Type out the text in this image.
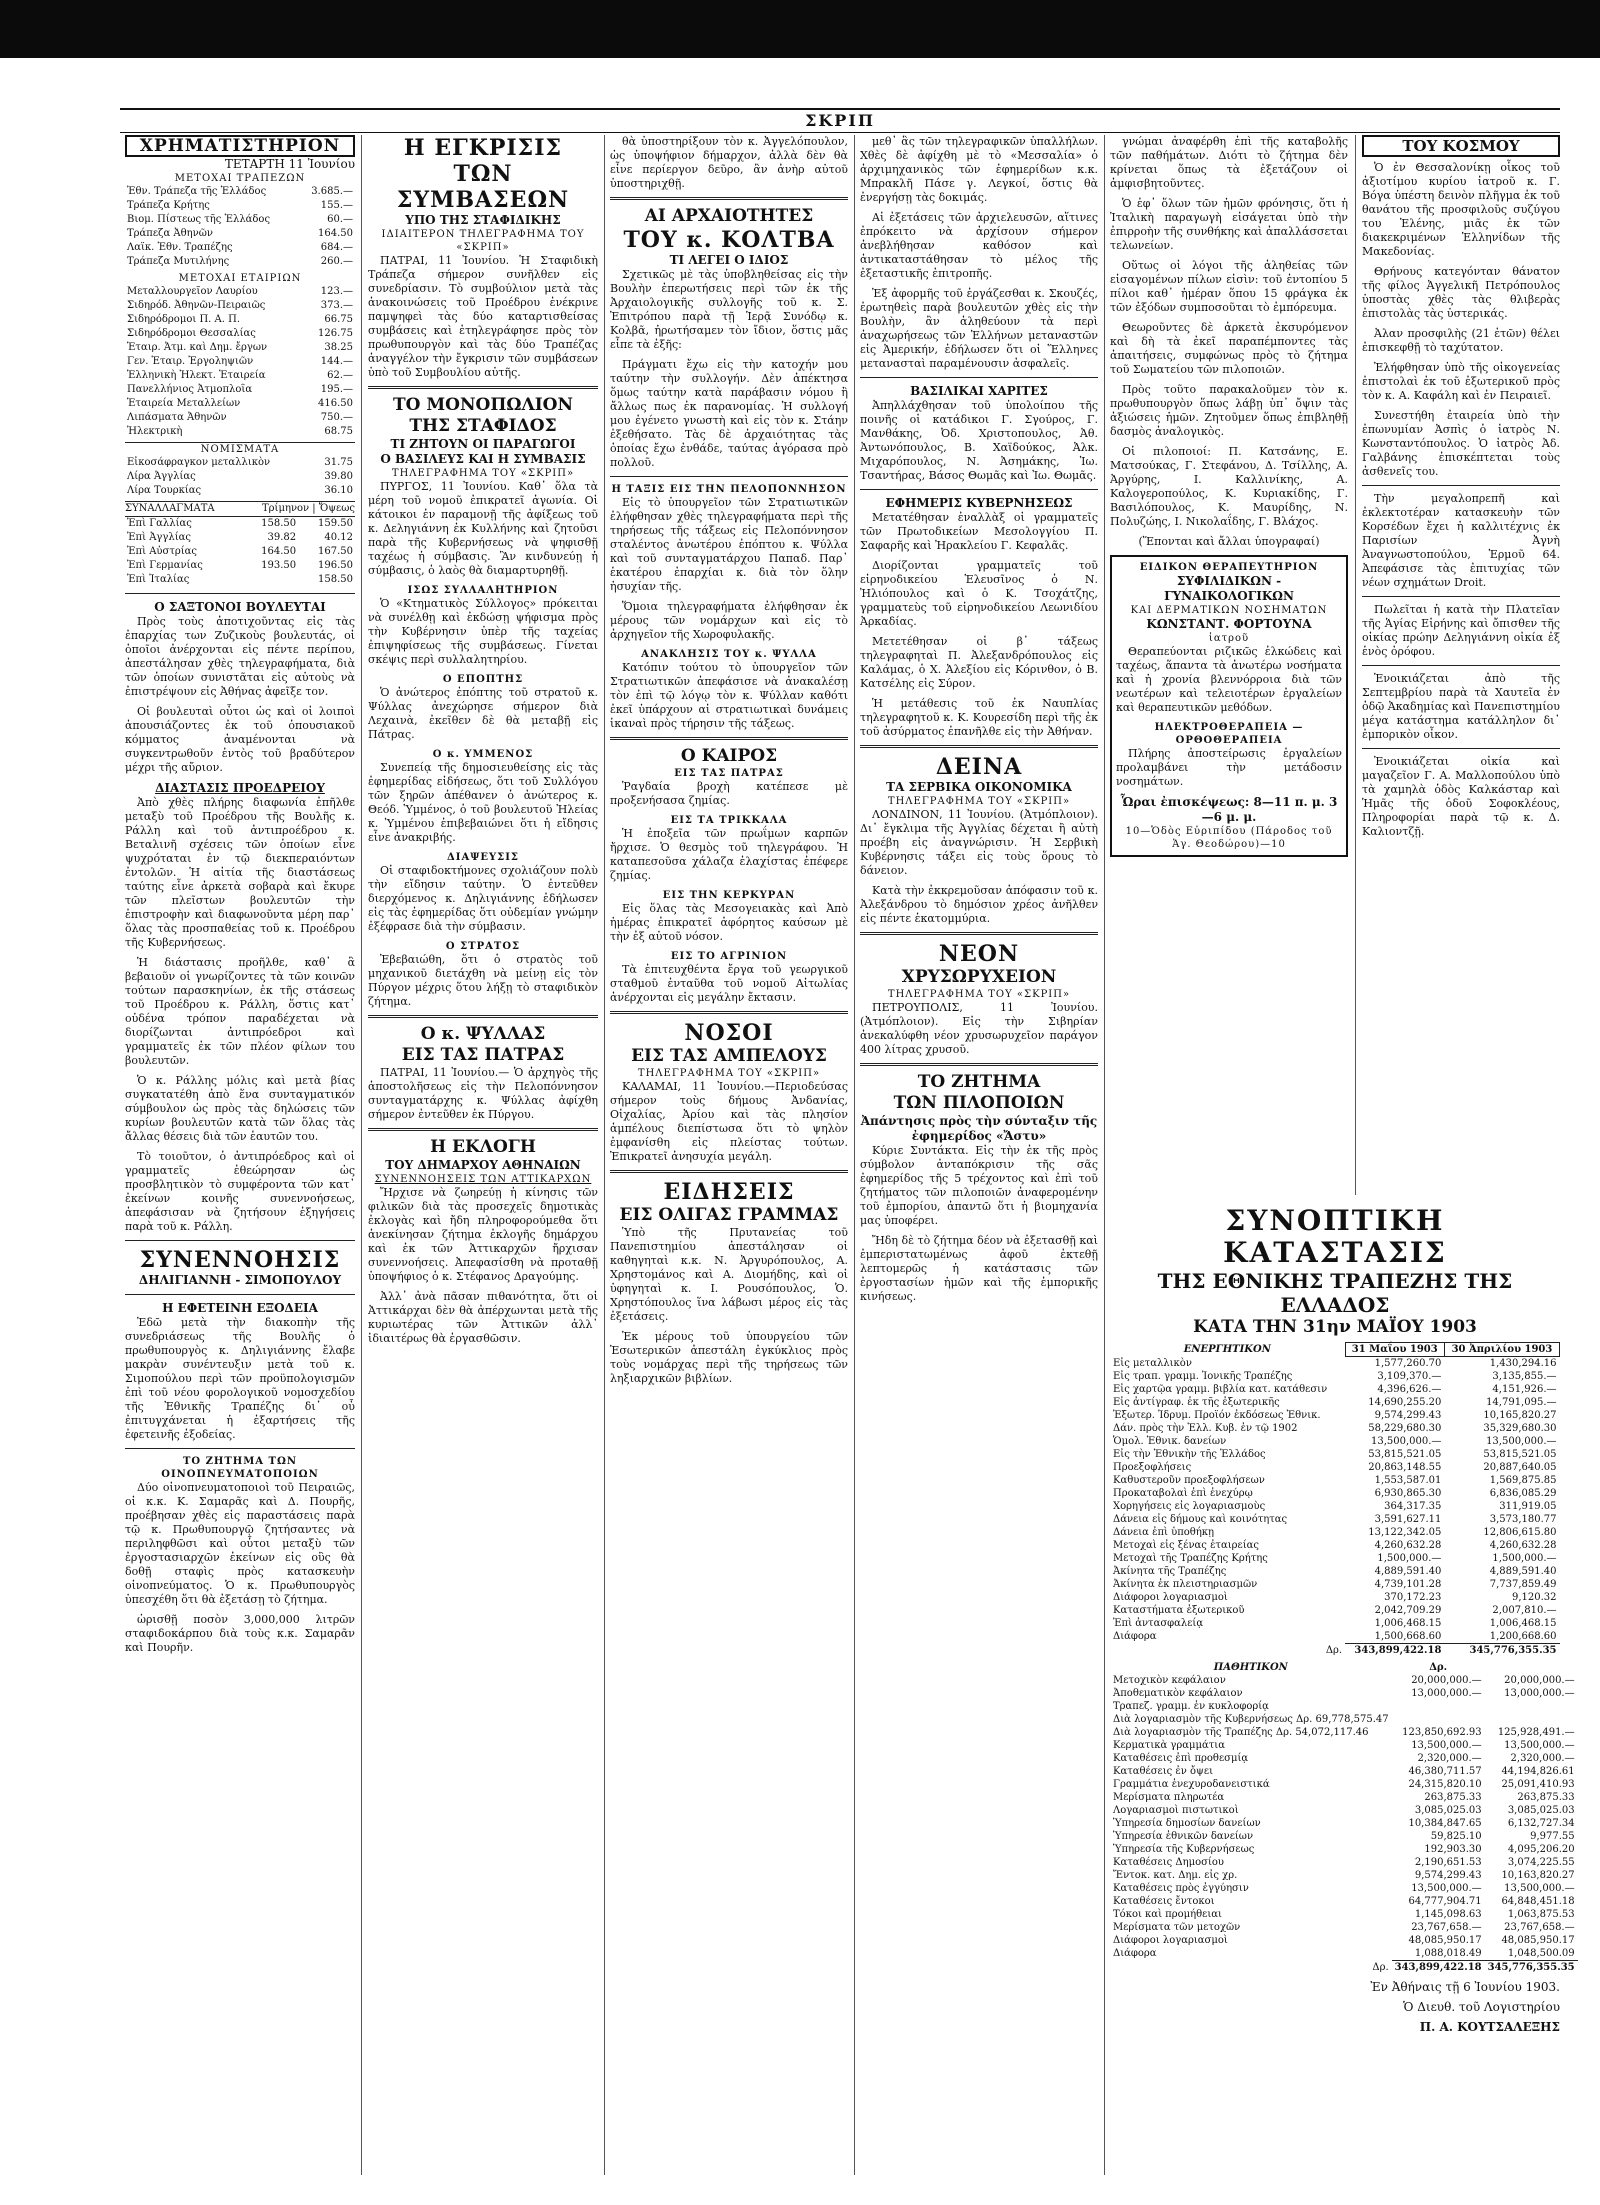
ΣΚΡΙΠ
ΧΡΗΜΑΤΙΣΤΗΡΙΟΝ
ΤΕΤΑΡΤΗ 11 Ἰουνίου
ΜΕΤΟΧΑΙ ΤΡΑΠΕΖΩΝ
Ἐθν. Τράπεζα τῆς Ἑλλάδος	3.685.—
Τράπεζα Κρήτης	155.—
Βιομ. Πίστεως τῆς Ἑλλάδος	60.—
Τράπεζα Ἀθηνῶν	164.50
Λαϊκ. Ἐθν. Τραπέζης	684.—
Τράπεζα Μυτιλήνης	260.—
ΜΕΤΟΧΑΙ ΕΤΑΙΡΙΩΝ
Μεταλλουργεῖον Λαυρίου	123.—
Σιδηρόδ. Ἀθηνῶν-Πειραιῶς	373.—
Σιδηρόδρομοι Π. Α. Π.	66.75
Σιδηρόδρομοι Θεσσαλίας	126.75
Ἑταιρ. Ἀτμ. καὶ Δημ. ἔργων	38.25
Γεν. Ἑταιρ. Ἐργοληψιῶν	144.—
Ἑλληνικὴ Ἠλεκτ. Ἑταιρεία	62.—
Πανελλήνιος Ἀτμοπλοΐα	195.—
Ἑταιρεία Μεταλλείων	416.50
Λιπάσματα Ἀθηνῶν	750.—
Ἠλεκτρικὴ	68.75
ΝΟΜΙΣΜΑΤΑ
Εἰκοσάφραγκον μεταλλικὸν	31.75
Λίρα Ἀγγλίας	39.80
Λίρα Τουρκίας	36.10
ΣΥΝΑΛΛΑΓΜΑΤΑ	Τρίμηνον | Ὄψεως
Ἐπὶ Γαλλίας	158.50	159.50
Ἐπὶ Ἀγγλίας	39.82	40.12
Ἐπὶ Αὐστρίας	164.50	167.50
Ἐπὶ Γερμανίας	193.50	196.50
Ἐπὶ Ἰταλίας		158.50
Ο ΣΑΞΤΟΝΟΙ ΒΟΥΛΕΥΤΑΙ

Πρὸς τοὺς ἀποτιχοῦντας εἰς τὰς ἐπαρχίας των Ζυζικοὺς βουλευτάς, οἱ ὁποῖοι ἀνέρχονται εἰς πέντε περίπου, ἀπεστάλησαν χθὲς τηλεγραφήματα, διὰ τῶν ὁποίων συνιστᾶται εἰς αὐτοὺς νὰ ἐπιστρέψουν εἰς Ἀθήνας ἀφεῖξε τον.

Οἱ βουλευταὶ οὗτοι ὡς καὶ οἱ λοιποὶ ἀπουσιάζοντες ἐκ τοῦ ὀπουσιακοῦ κόμματος ἀναμένονται νὰ συγκεντρωθοῦν ἐντὸς τοῦ βραδύτερον μέχρι τῆς αὔριον.

ΔΙΑΣΤΑΣΙΣ ΠΡΟΕΔΡΕΙΟΥ

Ἀπὸ χθὲς πλήρης διαφωνία ἐπῆλθε μεταξὺ τοῦ Προέδρου τῆς Βουλῆς κ. Ράλλη καὶ τοῦ ἀντιπροέδρου κ. Βεταλινῆ σχέσεις τῶν ὁποίων εἶνε ψυχρόταται ἐν τῷ διεκπεραιόντων ἐντολῶν. Ἡ αἰτία τῆς διαστάσεως ταύτης εἶνε ἀρκετὰ σοβαρὰ καὶ ἔκυρε τῶν πλεῖστων βουλευτῶν τὴν ἐπιστροφὴν καὶ διαφωνοῦντα μέρη παρ᾽ ὅλας τὰς προσπαθείας τοῦ κ. Προέδρου τῆς Κυβερνήσεως.

Ἡ διάστασις προῆλθε, καθ᾽ ἃ βεβαιοῦν οἱ γνωρίζοντες τὰ τῶν κοινῶν τούτων παρασκηνίων, ἐκ τῆς στάσεως τοῦ Προέδρου κ. Ράλλη, ὅστις κατ᾽ οὐδένα τρόπον παραδέχεται νὰ διορίζωνται ἀντιπρόεδροι καὶ γραμματεῖς ἐκ τῶν πλέον φίλων του βουλευτῶν.

Ὁ κ. Ράλλης μόλις καὶ μετὰ βίας συγκατατέθη ἀπὸ ἕνα συνταγματικόν σύμβουλον ὡς πρὸς τὰς δηλώσεις τῶν κυρίων βουλευτῶν κατὰ τῶν ὅλας τὰς ἄλλας θέσεις διὰ τῶν ἑαυτῶν του.

Τὸ τοιοῦτον, ὁ ἀντιπρόεδρος καὶ οἱ γραμματεῖς ἐθεώρησαν ὡς προσβλητικὸν τὸ συμφέροντα τῶν κατ᾽ ἐκείνων κοινῆς συνεννοήσεως, ἀπεφάσισαν νὰ ζητήσουν ἐξηγήσεις παρὰ τοῦ κ. Ράλλη.

ΣΥΝΕΝΝΟΗΣΙΣ
ΔΗΛΙΓΙΑΝΝΗ - ΣΙΜΟΠΟΥΛΟΥ
Η ΕΦΕΤΕΙΝΗ ΕΞΟΔΕΙΑ

Ἐδῶ μετὰ τὴν διακοπὴν τῆς συνεδριάσεως τῆς Βουλῆς ὁ πρωθυπουργὸς κ. Δηλιγιάννης ἔλαβε μακρὰν συνέντευξιν μετὰ τοῦ κ. Σιμοπούλου περὶ τῶν προϋπολογισμῶν ἐπὶ τοῦ νέου φορολογικοῦ νομοσχεδίου τῆς Ἐθνικῆς Τραπέζης δι᾽ οὗ ἐπιτυγχάνεται ἡ ἐξαρτήσεις τῆς ἐφετεινῆς ἐξοδείας.

ΤΟ ΖΗΤΗΜΑ ΤΩΝ ΟΙΝΟΠΝΕΥΜΑΤΟΠΟΙΩΝ

Δύο οἰνοπνευματοποιοὶ τοῦ Πειραιῶς, οἱ κ.κ. Κ. Σαμαρᾶς καὶ Δ. Πουρῆς, προέβησαν χθὲς εἰς παραστάσεις παρὰ τῷ κ. Πρωθυπουργῷ ζητήσαντες νὰ περιληφθῶσι καὶ οὗτοι μεταξὺ τῶν ἐργοστασιαρχῶν ἐκείνων εἰς οὓς θὰ δοθῇ σταφὶς πρὸς κατασκευὴν οἰνοπνεύματος. Ὁ κ. Πρωθυπουργὸς ὑπεσχέθη ὅτι θὰ ἐξετάσῃ τὸ ζήτημα.

ὡρισθῇ ποσὸν 3,000,000 λιτρῶν σταφιδοκάρπου διὰ τοὺς κ.κ. Σαμαρᾶν καὶ Πουρῆν.

Η ΕΓΚΡΙΣΙΣ
ΤΩΝ ΣΥΜΒΑΣΕΩΝ
ΥΠΟ ΤΗΣ ΣΤΑΦΙΔΙΚΗΣ
ΙΔΙΑΙΤΕΡΟΝ ΤΗΛΕΓΡΑΦΗΜΑ ΤΟΥ «ΣΚΡΙΠ»

ΠΑΤΡΑΙ, 11 Ἰουνίου. Ἡ Σταφιδικὴ Τράπεζα σήμερον συνῆλθεν εἰς συνεδρίασιν. Τὸ συμβούλιον μετὰ τὰς ἀνακοινώσεις τοῦ Προέδρου ἐνέκρινε παμψηφεὶ τὰς δύο καταρτισθείσας συμβάσεις καὶ ἐτηλεγράφησε πρὸς τὸν πρωθυπουργὸν καὶ τὰς δύο Τραπέζας ἀναγγέλον τὴν ἔγκρισιν τῶν συμβάσεων ὑπὸ τοῦ Συμβουλίου αὐτῆς.

ΤΟ ΜΟΝΟΠΩΛΙΟΝ
ΤΗΣ ΣΤΑΦΙΔΟΣ
ΤΙ ΖΗΤΟΥΝ ΟΙ ΠΑΡΑΓΩΓΟΙ
Ο ΒΑΣΙΛΕΥΣ ΚΑΙ Η ΣΥΜΒΑΣΙΣ
ΤΗΛΕΓΡΑΦΗΜΑ ΤΟΥ «ΣΚΡΙΠ»

ΠΥΡΓΟΣ, 11 Ἰουνίου. Καθ᾽ ὅλα τὰ μέρη τοῦ νομοῦ ἐπικρατεῖ ἀγωνία. Οἱ κάτοικοι ἐν παραμονῇ τῆς ἀφίξεως τοῦ κ. Δεληγιάννη ἐκ Κυλλήνης καὶ ζητοῦσι παρὰ τῆς Κυβερνήσεως νὰ ψηφισθῇ ταχέως ἡ σύμβασις. Ἂν κινδυνεύῃ ἡ σύμβασις, ὁ λαὸς θὰ διαμαρτυρηθῇ.

ΙΣΩΣ ΣΥΛΛΑΛΗΤΗΡΙΟΝ

Ὁ «Κτηματικὸς Σύλλογος» πρόκειται νὰ συνέλθῃ καὶ ἐκδώσῃ ψήφισμα πρὸς τὴν Κυβέρνησιν ὑπὲρ τῆς ταχείας ἐπιψηφίσεως τῆς συμβάσεως. Γίνεται σκέψις περὶ συλλαλητηρίου.

Ο ΕΠΟΠΤΗΣ

Ὁ ἀνώτερος ἐπόπτης τοῦ στρατοῦ κ. Ψύλλας ἀνεχώρησε σήμερον διὰ Λεχαινὰ, ἐκεῖθεν δὲ θὰ μεταβῇ εἰς Πάτρας.

Ο κ. ΥΜΜΕΝΟΣ

Συνεπείᾳ τῆς δημοσιευθείσης εἰς τὰς ἐφημερίδας εἰδήσεως, ὅτι τοῦ Συλλόγου τῶν ξηρῶν ἀπέθανεν ὁ ἀνώτερος κ. Θεόδ. Ὑμμένος, ὁ τοῦ βουλευτοῦ Ἠλείας κ. Ὑμμένου ἐπιβεβαιώνει ὅτι ἡ εἴδησις εἶνε ἀνακριβής.

ΔΙΑΨΕΥΣΙΣ

Οἱ σταφιδοκτήμονες σχολιάζουν πολὺ τὴν εἴδησιν ταύτην. Ὁ ἐντεῦθεν διερχόμενος κ. Δηλιγιάννης ἐδήλωσεν εἰς τὰς ἐφημερίδας ὅτι οὐδεμίαν γνώμην ἐξέφρασε διὰ τὴν σύμβασιν.

Ο ΣΤΡΑΤΟΣ

Ἐβεβαιώθη, ὅτι ὁ στρατὸς τοῦ μηχανικοῦ διετάχθη νὰ μείνῃ εἰς τὸν Πύργον μέχρις ὅτου λήξῃ τὸ σταφιδικὸν ζήτημα.

Ο κ. ΨΥΛΛΑΣ
ΕΙΣ ΤΑΣ ΠΑΤΡΑΣ

ΠΑΤΡΑΙ, 11 Ἰουνίου.— Ὁ ἀρχηγὸς τῆς ἀποστολῆσεως εἰς τὴν Πελοπόννησον συνταγματάρχης κ. Ψύλλας ἀφίχθη σήμερον ἐντεῦθεν ἐκ Πύργου.

Η ΕΚΛΟΓΗ
ΤΟΥ ΔΗΜΑΡΧΟΥ ΑΘΗΝΑΙΩΝ
ΣΥΝΕΝΝΟΗΣΕΙΣ ΤΩΝ ΑΤΤΙΚΑΡΧΩΝ

Ἤρχισε νὰ ζωηρεύῃ ἡ κίνησις τῶν φιλικῶν διὰ τὰς προσεχεῖς δημοτικὰς ἐκλογὰς καὶ ἤδη πληροφορούμεθα ὅτι ἀνεκίνησαν ζήτημα ἐκλογῆς δημάρχου καὶ ἐκ τῶν Ἀττικαρχῶν ἤρχισαν συνεννοήσεις. Ἀπεφασίσθη νὰ προταθῇ ὑποψήφιος ὁ κ. Στέφανος Δραγούμης.

Ἀλλ᾽ ἀνὰ πᾶσαν πιθανότητα, ὅτι οἱ Ἀττικάρχαι δὲν θὰ ἀπέρχωνται μετὰ τῆς κυριωτέρας τῶν Ἀττικῶν ἀλλ᾽ ἰδιαιτέρως θὰ ἐργασθῶσιν.

θὰ ὑποστηρίξουν τὸν κ. Ἀγγελόπουλον, ὡς ὑποψήφιον δήμαρχον, ἀλλὰ δὲν θὰ εἶνε περίεργον δεῦρο, ἂν ἀνὴρ αὐτοῦ ὑποστηριχθῇ.

ΑΙ ΑΡΧΑΙΟΤΗΤΕΣ
ΤΟΥ κ. ΚΟΛΤΒΑ
ΤΙ ΛΕΓΕΙ Ο ΙΔΙΟΣ

Σχετικῶς μὲ τὰς ὑποβληθείσας εἰς τὴν Βουλὴν ἐπερωτήσεις περὶ τῶν ἐκ τῆς Ἀρχαιολογικῆς συλλογῆς τοῦ κ. Σ. Ἐπιτρόπου παρὰ τῇ Ἱερᾷ Συνόδῳ κ. Κολβᾶ, ἠρωτήσαμεν τὸν ἴδιον, ὅστις μᾶς εἶπε τὰ ἑξῆς:

Πράγματι ἔχω εἰς τὴν κατοχήν μου ταύτην τὴν συλλογήν. Δὲν ἀπέκτησα ὅμως ταύτην κατὰ παράβασιν νόμου ἢ ἄλλως πως ἐκ παρανομίας. Ἡ συλλογή μου ἐγένετο γνωστὴ καὶ εἰς τὸν κ. Στάην ἐξεθήσατο. Τὰς δὲ ἀρχαιότητας τὰς ὁποίας ἔχω ἐνθάδε, ταύτας ἀγόρασα πρὸ πολλοῦ.

Η ΤΑΞΙΣ ΕΙΣ ΤΗΝ ΠΕΛΟΠΟΝΝΗΣΟΝ

Εἰς τὸ ὑπουργεῖον τῶν Στρατιωτικῶν ἐλήφθησαν χθὲς τηλεγραφήματα περὶ τῆς τηρήσεως τῆς τάξεως εἰς Πελοπόννησον σταλέντος ἀνωτέρου ἐπόπτου κ. Ψύλλα καὶ τοῦ συνταγματάρχου Παπαδ. Παρ᾽ ἑκατέρου ἐπαρχίαι κ. διὰ τὸν ὅλην ἡσυχίαν τῆς.

Ὅμοια τηλεγραφήματα ἐλήφθησαν ἐκ μέρους τῶν νομάρχων καὶ εἰς τὸ ἀρχηγεῖον τῆς Χωροφυλακῆς.

ΑΝΑΚΛΗΣΙΣ ΤΟΥ κ. ΨΥΛΛΑ

Κατόπιν τούτου τὸ ὑπουργεῖον τῶν Στρατιωτικῶν ἀπεφάσισε νὰ ἀνακαλέσῃ τὸν ἐπὶ τῷ λόγῳ τὸν κ. Ψύλλαν καθότι ἐκεῖ ὑπάρχουν αἱ στρατιωτικαὶ δυνάμεις ἱκαναὶ πρὸς τήρησιν τῆς τάξεως.

Ο ΚΑΙΡΟΣ
ΕΙΣ ΤΑΣ ΠΑΤΡΑΣ

Ῥαγδαία βροχὴ κατέπεσε μὲ προξενήσασα ζημίας.

ΕΙΣ ΤΑ ΤΡΙΚΚΑΛΑ

Ἡ ἐποξεῖα τῶν πρωΐμων καρπῶν ἤρχισε. Ὁ θεσμὸς τοῦ τηλεγράφου. Ἡ καταπεσοῦσα χάλαζα ἐλαχίστας ἐπέφερε ζημίας.

ΕΙΣ ΤΗΝ ΚΕΡΚΥΡΑΝ

Εἰς ὅλας τὰς Μεσογειακὰς καὶ Ἀπὸ ἡμέρας ἐπικρατεῖ ἀφόρητος καύσων μὲ τὴν ἐξ αὐτοῦ νόσον.

ΕΙΣ ΤΟ ΑΓΡΙΝΙΟΝ

Τὰ ἐπιτευχθέντα ἔργα τοῦ γεωργικοῦ σταθμοῦ ἐνταῦθα τοῦ νομοῦ Αἰτωλίας ἀνέρχονται εἰς μεγάλην ἔκτασιν.

ΝΟΣΟΙ
ΕΙΣ ΤΑΣ ΑΜΠΕΛΟΥΣ
ΤΗΛΕΓΡΑΦΗΜΑ ΤΟΥ «ΣΚΡΙΠ»

ΚΑΛΑΜΑΙ, 11 Ἰουνίου.—Περιοδεύσας σήμερον τοὺς δήμους Ἀνδανίας, Οἰχαλίας, Ἀρίου καὶ τὰς πλησίον ἀμπέλους διεπίστωσα ὅτι τὸ ψηλὸν ἐμφανίσθη εἰς πλείστας τούτων. Ἐπικρατεῖ ἀνησυχία μεγάλη.

ΕΙΔΗΣΕΙΣ
ΕΙΣ ΟΛΙΓΑΣ ΓΡΑΜΜΑΣ

Ὑπὸ τῆς Πρυτανείας τοῦ Πανεπιστημίου ἀπεστάλησαν οἱ καθηγηταὶ κ.κ. Ν. Ἀργυρόπουλος, Α. Χρηστομάνος καὶ Α. Διομήδης, καὶ οἱ ὑφηγηταὶ κ. Ι. Ρουσόπουλος, Ὁ. Χρηστόπουλος ἵνα λάβωσι μέρος εἰς τὰς ἐξετάσεις.

Ἐκ μέρους τοῦ ὑπουργείου τῶν Ἐσωτερικῶν ἀπεστάλη ἐγκύκλιος πρὸς τοὺς νομάρχας περὶ τῆς τηρήσεως τῶν ληξιαρχικῶν βιβλίων.

μεθ᾽ ἃς τῶν τηλεγραφικῶν ὑπαλλήλων. Χθὲς δὲ ἀφίχθη μὲ τὸ «Μεσσαλία» ὁ ἀρχιμηχανικὸς τῶν ἐφημερίδων κ.κ. Μπρακλῆ Πάσε γ. Λεγκοί, ὅστις θὰ ἐνεργήσῃ τὰς δοκιμάς.

Αἱ ἐξετάσεις τῶν ἀρχιελευσῶν, αἵτινες ἐπρόκειτο νὰ ἀρχίσουν σήμερον ἀνεβλήθησαν καθόσον καὶ ἀντικαταστάθησαν τὸ μέλος τῆς ἐξεταστικῆς ἐπιτροπῆς.

Ἐξ ἀφορμῆς τοῦ ἐργάζεσθαι κ. Σκουζές, ἐρωτηθεὶς παρὰ βουλευτῶν χθὲς εἰς τὴν Βουλὴν, ἂν ἀληθεύουν τὰ περὶ ἀναχωρήσεως τῶν Ἑλλήνων μεταναστῶν εἰς Ἀμερικήν, ἐδήλωσεν ὅτι οἱ Ἕλληνες μετανασταὶ παραμένουσιν ἀσφαλεῖς.

ΒΑΣΙΛΙΚΑΙ ΧΑΡΙΤΕΣ

Ἀπηλλάχθησαν τοῦ ὑπολοίπου τῆς ποινῆς οἱ κατάδικοι Γ. Σγούρος, Γ. Μανθάκης, Ὀδ. Χριστοπουλος, Ἀθ. Ἀντωνόπουλος, Β. Χαϊδούκος, Ἀλκ. Μιχαρόπουλος, Ν. Ἀσημάκης, Ἰω. Τσαντήρας, Βάσος Θωμᾶς καὶ Ἰω. Θωμᾶς.

ΕΦΗΜΕΡΙΣ ΚΥΒΕΡΝΗΣΕΩΣ

Μετατέθησαν ἐναλλὰξ οἱ γραμματεῖς τῶν Πρωτοδικείων Μεσολογγίου Π. Σαφαρῆς καὶ Ἠρακλείου Γ. Κεφαλᾶς.

Διορίζονται γραμματεῖς τοῦ εἰρηνοδικείου Ἑλευσῖνος ὁ Ν. Ἠλιόπουλος καὶ ὁ Κ. Τσοχάτζης, γραμματεὺς τοῦ εἰρηνοδικείου Λεωνιδίου Ἀρκαδίας.

Μετετέθησαν οἱ β᾽ τάξεως τηλεγραφηταὶ Π. Ἀλεξανδρόπουλος εἰς Καλάμας, ὁ Χ. Ἀλεξίου εἰς Κόρινθον, ὁ Β. Κατσέλης εἰς Σύρον.

Ἡ μετάθεσις τοῦ ἐκ Ναυπλίας τηλεγραφητοῦ κ. Κ. Κουρεσίδη περὶ τῆς ἐκ τοῦ ἀσύρματος ἐπανῆλθε εἰς τὴν Ἀθήναν.

ΔΕΙΝΑ
ΤΑ ΣΕΡΒΙΚΑ ΟΙΚΟΝΟΜΙΚΑ
ΤΗΛΕΓΡΑΦΗΜΑ ΤΟΥ «ΣΚΡΙΠ»

ΛΟΝΔΙΝΟΝ, 11 Ἰουνίου. (Ἀτμόπλοιον). Δι᾽ ἔγκλιμα τῆς Ἀγγλίας δέχεται ἢ αὐτὴ προέβη εἰς ἀναγνώρισιν. Ἡ Σερβικὴ Κυβέρνησις τάξει εἰς τοὺς ὅρους τὸ δάνειον.

Κατὰ τὴν ἐκκρεμοῦσαν ἀπόφασιν τοῦ κ. Ἀλεξάνδρου τὸ δημόσιον χρέος ἀνῆλθεν εἰς πέντε ἑκατομμύρια.

ΝΕΟΝ
ΧΡΥΣΩΡΥΧΕΙΟΝ
ΤΗΛΕΓΡΑΦΗΜΑ ΤΟΥ «ΣΚΡΙΠ»

ΠΕΤΡΟΥΠΟΛΙΣ, 11 Ἰουνίου. (Ἀτμόπλοιον). Εἰς τὴν Σιβηρίαν ἀνεκαλύφθη νέον χρυσωρυχεῖον παράγον 400 λίτρας χρυσοῦ.

ΤΟ ΖΗΤΗΜΑ
ΤΩΝ ΠΙΛΟΠΟΙΩΝ
Ἀπάντησις πρὸς τὴν σύνταξιν τῆς ἐφημερίδος «Ἄστυ»

Κύριε Συντάκτα. Εἰς τὴν ἐκ τῆς πρὸς σύμβολον ἀνταπόκρισιν τῆς σᾶς ἐφημερίδος τῆς 5 τρέχοντος καὶ ἐπὶ τοῦ ζητήματος τῶν πιλοποιῶν ἀναφερομένην τοῦ ἐμπορίου, ἀπαντῶ ὅτι ἡ βιομηχανία μας ὑποφέρει.

Ἤδη δὲ τὸ ζήτημα δέον νὰ ἐξετασθῇ καὶ ἐμπεριστατωμένως ἀφοῦ ἐκτεθῇ λεπτομερῶς ἡ κατάστασις τῶν ἐργοστασίων ἡμῶν καὶ τῆς ἐμπορικῆς κινήσεως.

γνώμαι ἀναφέρθη ἐπὶ τῆς καταβολῆς τῶν παθήμάτων. Διότι τὸ ζήτημα δὲν κρίνεται ὅπως τὰ ἐξετάζουν οἱ ἀμφισβητοῦντες.

Ὁ ἐφ᾽ ὅλων τῶν ἡμῶν φρόνησις, ὅτι ἡ Ἰταλικὴ παραγωγὴ εἰσάγεται ὑπὸ τὴν ἐπιρροὴν τῆς συνθήκης καὶ ἀπαλλάσσεται τελωνείων.

Οὕτως οἱ λόγοι τῆς ἀληθείας τῶν εἰσαγομένων πίλων εἰσὶν: τοῦ ἐντοπίου 5 πίλοι καθ᾽ ἡμέραν ὅπου 15 φράγκα ἐκ τῶν ἐξόδων συμποσοῦται τὸ ἐμπόρευμα.

Θεωροῦντες δὲ ἀρκετὰ ἐκσυρόμενον καὶ δὴ τὰ ἐκεῖ παραπέμποντες τὰς ἀπαιτήσεις, συμφώνως πρὸς τὸ ζήτημα τοῦ Σωματείου τῶν πιλοποιῶν.

Πρὸς τοῦτο παρακαλοῦμεν τὸν κ. πρωθυπουργὸν ὅπως λάβῃ ὑπ᾽ ὄψιν τὰς ἀξιώσεις ἡμῶν. Ζητοῦμεν ὅπως ἐπιβληθῇ δασμὸς ἀναλογικὸς.

Οἱ πιλοποιοί: Π. Κατσάνης, Ε. Ματσούκας, Γ. Στεφάνου, Δ. Τσίλλης, Α. Ἀργύρης, Ι. Καλλινίκης, Α. Καλογεροπούλος, Κ. Κυριακίδης, Γ. Βασιλόπουλος, Κ. Μαυρίδης, Ν. Πολυζώης, Ι. Νικολαΐδης, Γ. Βλάχος.

(Ἕπονται καὶ ἄλλαι ὑπογραφαί)
ΕΙΔΙΚΟΝ ΘΕΡΑΠΕΥΤΗΡΙΟΝ
ΣΥΦΙΛΙΔΙΚΩΝ - ΓΥΝΑΙΚΟΛΟΓΙΚΩΝ
ΚΑΙ ΔΕΡΜΑΤΙΚΩΝ ΝΟΣΗΜΑΤΩΝ
ΚΩΝΣΤΑΝΤ. ΦΟΡΤΟΥΝΑ
ἰατροῦ

Θεραπεύονται ριζικῶς ἐλκώδεις καὶ ταχέως, ἅπαντα τὰ ἀνωτέρω νοσήματα καὶ ἡ χρονία βλεννόρροια διὰ τῶν νεωτέρων καὶ τελειοτέρων ἐργαλείων καὶ θεραπευτικῶν μεθόδων.

ΗΛΕΚΤΡΟΘΕΡΑΠΕΙΑ — ΟΡΘΟΘΕΡΑΠΕΙΑ

Πλήρης ἀποστείρωσις ἐργαλείων προλαμβάνει τὴν μετάδοσιν νοσημάτων.

Ὧραι ἐπισκέψεως: 8—11 π. μ. 3—6 μ. μ.
10—Ὁδὸς Εὐριπίδου (Πάροδος τοῦ Ἁγ. Θεοδώρου)—10
ΤΟΥ ΚΟΣΜΟΥ

Ὁ ἐν Θεσσαλονίκῃ οἶκος τοῦ ἀξιοτίμου κυρίου ἰατροῦ κ. Γ. Βόγα ὑπέστη δεινὸν πλῆγμα ἐκ τοῦ θανάτου τῆς προσφιλοῦς συζύγου του Ἑλένης, μιᾶς ἐκ τῶν διακεκριμένων Ἑλληνίδων τῆς Μακεδονίας.

Θρήνους κατεγόνταν θάνατον τῆς φίλος Ἀγγελικῆ Πετρόπουλος ὑποστὰς χθὲς τὰς θλιβερὰς ἐπιστολὰς τὰς ὑστερικάς.

Ἀλαν προσφιλὴς (21 ἐτῶν) θέλει ἐπισκεφθῇ τὸ ταχύτατον.

Ἐλήφθησαν ὑπὸ τῆς οἰκογενείας ἐπιστολαὶ ἐκ τοῦ ἐξωτερικοῦ πρὸς τὸν κ. Α. Καφάλη καὶ ἐν Πειραιεῖ.

Συνεστήθη ἐταιρεία ὑπὸ τὴν ἐπωνυμίαν Ἀσπὶς ὁ ἰατρὸς Ν. Κωνσταντόπουλος. Ὁ ἰατρὸς Ἀδ. Γαλβάνης ἐπισκέπτεται τοὺς ἀσθενεῖς του.

Τὴν μεγαλοπρεπῆ καὶ ἐκλεκτοτέραν κατασκευὴν τῶν Κορσέδων ἔχει ἡ καλλιτέχνις ἐκ Παρισίων Ἀγνὴ Ἀναγνωστοπούλου, Ἑρμοῦ 64. Ἀπεφάσισε τὰς ἐπιτυχίας τῶν νέων σχημάτων Droit.

Πωλεῖται ἡ κατὰ τὴν Πλατεῖαν τῆς Ἁγίας Εἰρήνης καὶ ὄπισθεν τῆς οἰκίας πρώην Δεληγιάννη οἰκία ἐξ ἑνὸς ὀρόφου.

Ἐνοικιάζεται ἀπὸ τῆς Σεπτεμβρίου παρὰ τὰ Χαυτεῖα ἐν ὁδῷ Ἀκαδημίας καὶ Πανεπιστημίου μέγα κατάστημα κατάλληλον δι᾽ ἐμπορικὸν οἶκον.

Ἐνοικιάζεται οἰκία καὶ μαγαζεῖον Γ. Α. Μαλλοπούλου ὑπὸ τὰ χαμηλὰ ὁδὸς Καλκάσταρ καὶ Ἡμᾶς τῆς ὁδοῦ Σοφοκλέους, Πληροφορίαι παρὰ τῷ κ. Δ. Καλιοντζῇ.

ΣΥΝΟΠΤΙΚΗ ΚΑΤΑΣΤΑΣΙΣ
ΤΗΣ ΕΘΝΙΚΗΣ ΤΡΑΠΕΖΗΣ ΤΗΣ ΕΛΛΑΔΟΣ
ΚΑΤΑ ΤΗΝ 31ην ΜΑΪΟΥ 1903
ΕΝΕΡΓΗΤΙΚΟΝ	31 Μαΐου 1903	30 Ἀπριλίου 1903
Εἰς μεταλλικὸν	1,577,260.70	1,430,294.16
Εἰς τραπ. γραμμ. Ἰονικῆς Τραπέζης	3,109,370.—	3,135,855.—
Εἰς χαρτῷα γραμμ. βιβλία κατ. κατάθεσιν	4,396,626.—	4,151,926.—
Εἰς ἀντίγραφ. ἐκ τῆς ἐξωτερικῆς	14,690,255.20	14,791,095.—
Ἐξωτερ. Ἰδρυμ. Προϊόν ἐκδόσεως Ἐθνικ.	9,574,299.43	10,165,820.27
Δάν. πρὸς τὴν Ἑλλ. Κυβ. ἐν τῷ 1902	58,229,680.30	35,329,680.30
Ὁμολ. Ἐθνικ. δανείων	13,500,000.—	13,500,000.—
Εἰς τὴν Ἐθνικὴν τῆς Ἑλλάδος	53,815,521.05	53,815,521.05
Προεξοφλήσεις	20,863,148.55	20,887,640.05
Καθυστεροῦν προεξοφλήσεων	1,553,587.01	1,569,875.85
Προκαταβολαὶ ἐπὶ ἐνεχύρῳ	6,930,865.30	6,836,085.29
Χορηγήσεις εἰς λογαριασμοὺς	364,317.35	311,919.05
Δάνεια εἰς δήμους καὶ κοινότητας	3,591,627.11	3,573,180.77
Δάνεια ἐπὶ ὑποθήκῃ	13,122,342.05	12,806,615.80
Μετοχαὶ εἰς ξένας ἐταιρείας	4,260,632.28	4,260,632.28
Μετοχαὶ τῆς Τραπέζης Κρήτης	1,500,000.—	1,500,000.—
Ἀκίνητα τῆς Τραπέζης	4,889,591.40	4,889,591.40
Ἀκίνητα ἐκ πλειστηριασμῶν	4,739,101.28	7,737,859.49
Διάφοροι λογαριασμοὶ	370,172.23	9,120.32
Καταστήματα ἐξωτερικοῦ	2,042,709.29	2,007,810.—
Ἐπὶ ἀντασφαλείᾳ	1,006,468.15	1,006,468.15
Διάφορα	1,500,668.60	1,200,668.60
Δρ.	343,899,422.18	345,776,355.35
ΠΑΘΗΤΙΚΟΝ	Δρ.	
Μετοχικὸν κεφάλαιον	20,000,000.—	20,000,000.—
Ἀποθεματικὸν κεφάλαιον	13,000,000.—	13,000,000.—
Τραπεζ. γραμμ. ἐν κυκλοφορίᾳ		
Διὰ λογαριασμὸν τῆς Κυβερνήσεως Δρ. 69,778,575.47		
Διὰ λογαριασμὸν τῆς Τραπέζης Δρ. 54,072,117.46	123,850,692.93	125,928,491.—
Κερματικὰ γραμμάτια	13,500,000.—	13,500,000.—
Καταθέσεις ἐπὶ προθεσμίᾳ	2,320,000.—	2,320,000.—
Καταθέσεις ἐν ὄψει	46,380,711.57	44,194,826.61
Γραμμάτια ἐνεχυροδανειστικά	24,315,820.10	25,091,410.93
Μερίσματα πληρωτέα	263,875.33	263,875.33
Λογαριασμοὶ πιστωτικοὶ	3,085,025.03	3,085,025.03
Ὑπηρεσία δημοσίων δανείων	10,384,847.65	6,132,727.34
Ὑπηρεσία ἐθνικῶν δανείων	59,825.10	9,977.55
Ὑπηρεσία τῆς Κυβερνήσεως	192,903.30	4,095,206.20
Καταθέσεις Δημοσίου	2,190,651.53	3,074,225.55
Ἔντοκ. κατ. Δημ. εἰς χρ.	9,574,299.43	10,163,820.27
Καταθέσεις πρὸς ἐγγύησιν	13,500,000.—	13,500,000.—
Καταθέσεις ἔντοκοι	64,777,904.71	64,848,451.18
Τόκοι καὶ προμήθειαι	1,145,098.63	1,063,875.53
Μερίσματα τῶν μετοχῶν	23,767,658.—	23,767,658.—
Διάφοροι λογαριασμοὶ	48,085,950.17	48,085,950.17
Διάφορα	1,088,018.49	1,048,500.09
Δρ.	343,899,422.18	345,776,355.35
Ἐν Ἀθήναις τῇ 6 Ἰουνίου 1903.
Ὁ Διευθ. τοῦ Λογιστηρίου
Π. Α. ΚΟΥΤΣΑΛΕΞΗΣ
